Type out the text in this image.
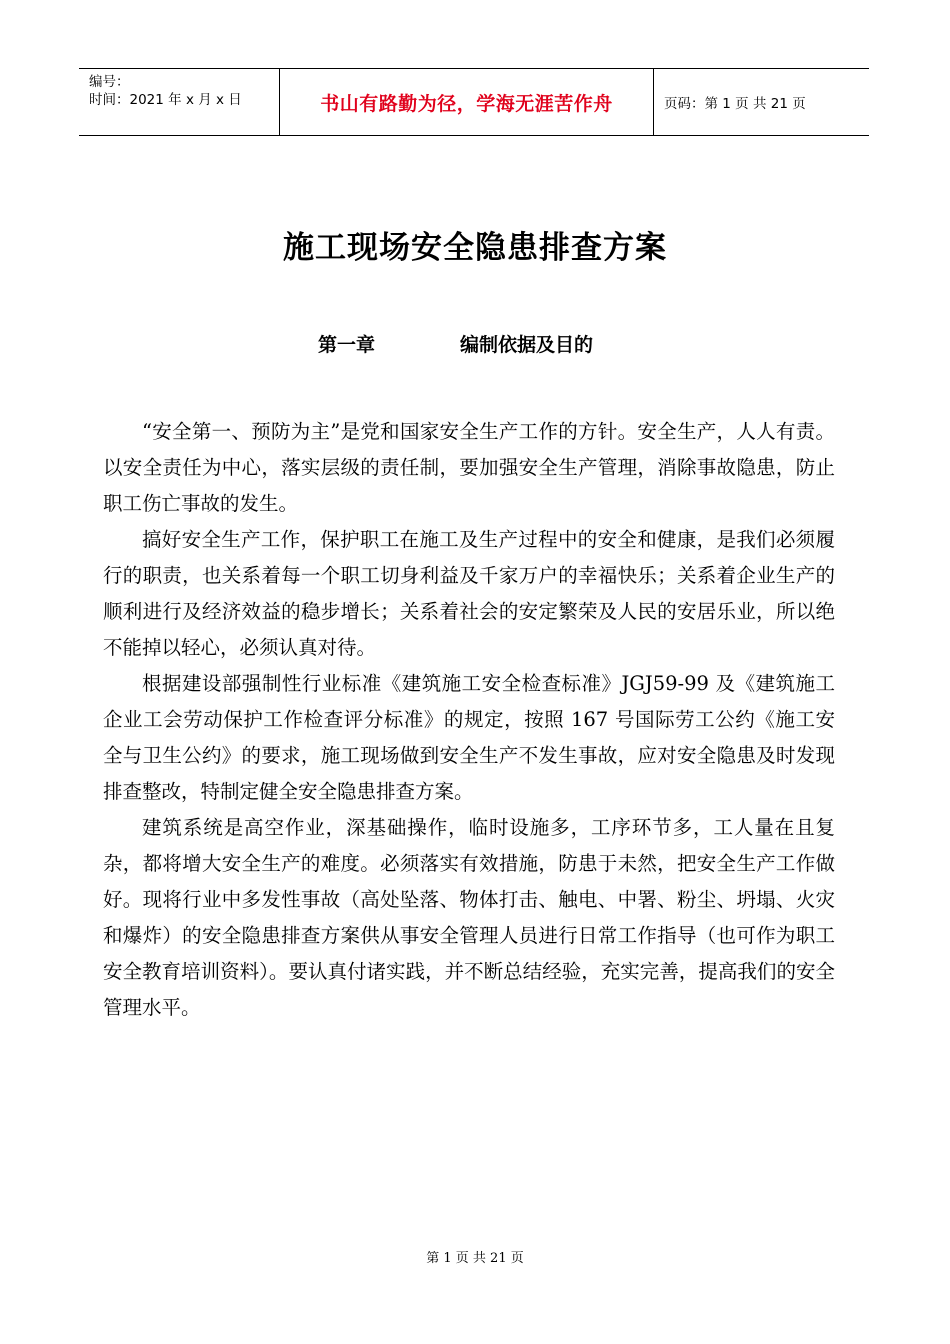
编号：
时间：2021 年 x 月 x 日	书山有路勤为径，学海无涯苦作舟	页码：第 1 页 共 21 页
施工现场安全隐患排查方案
第一章	编制依据及目的

“安全第一、预防为主”是党和国家安全生产工作的方针。安全生产，人人有责。以安全责任为中心，落实层级的责任制，要加强安全生产管理，消除事故隐患，防止职工伤亡事故的发生。

搞好安全生产工作，保护职工在施工及生产过程中的安全和健康，是我们必须履行的职责，也关系着每一个职工切身利益及千家万户的幸福快乐；关系着企业生产的顺利进行及经济效益的稳步增长；关系着社会的安定繁荣及人民的安居乐业，所以绝不能掉以轻心，必须认真对待。

根据建设部强制性行业标准《建筑施工安全检查标准》JGJ59-99 及《建筑施工企业工会劳动保护工作检查评分标准》的规定，按照 167 号国际劳工公约《施工安全与卫生公约》的要求，施工现场做到安全生产不发生事故，应对安全隐患及时发现排查整改，特制定健全安全隐患排查方案。

建筑系统是高空作业，深基础操作，临时设施多，工序环节多，工人量在且复杂，都将增大安全生产的难度。必须落实有效措施，防患于未然，把安全生产工作做好。现将行业中多发性事故（高处坠落、物体打击、触电、中署、粉尘、坍塌、火灾和爆炸）的安全隐患排查方案供从事安全管理人员进行日常工作指导（也可作为职工安全教育培训资料）。要认真付诸实践，并不断总结经验，充实完善，提高我们的安全管理水平。

第 1 页 共 21 页
